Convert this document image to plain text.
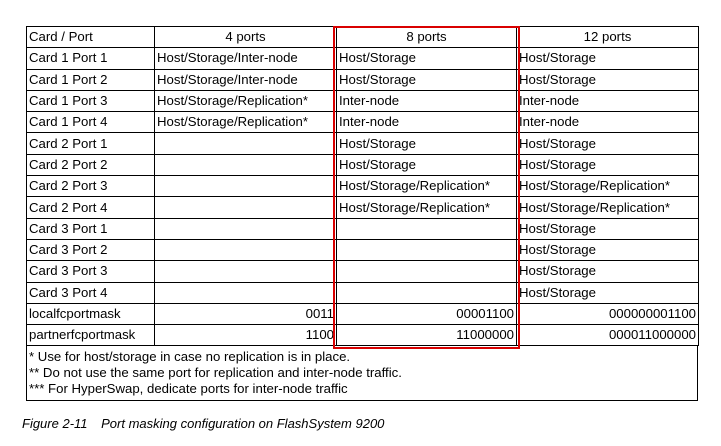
Card / Port	4 ports	8 ports	12 ports
Card 1 Port 1	Host/Storage/Inter-node	Host/Storage	Host/Storage
Card 1 Port 2	Host/Storage/Inter-node	Host/Storage	Host/Storage
Card 1 Port 3	Host/Storage/Replication*	Inter-node	Inter-node
Card 1 Port 4	Host/Storage/Replication*	Inter-node	Inter-node
Card 2 Port 1		Host/Storage	Host/Storage
Card 2 Port 2		Host/Storage	Host/Storage
Card 2 Port 3		Host/Storage/Replication*	Host/Storage/Replication*
Card 2 Port 4		Host/Storage/Replication*	Host/Storage/Replication*
Card 3 Port 1			Host/Storage
Card 3 Port 2			Host/Storage
Card 3 Port 3			Host/Storage
Card 3 Port 4			Host/Storage
localfcportmask	0011	00001100	000000001100
partnerfcportmask	1100	11000000	000011000000
* Use for host/storage in case no replication is in place.
** Do not use the same port for replication and inter-node traffic.
*** For HyperSwap, dedicate ports for inter-node traffic
Figure 2-11 Port masking configuration on FlashSystem 9200
